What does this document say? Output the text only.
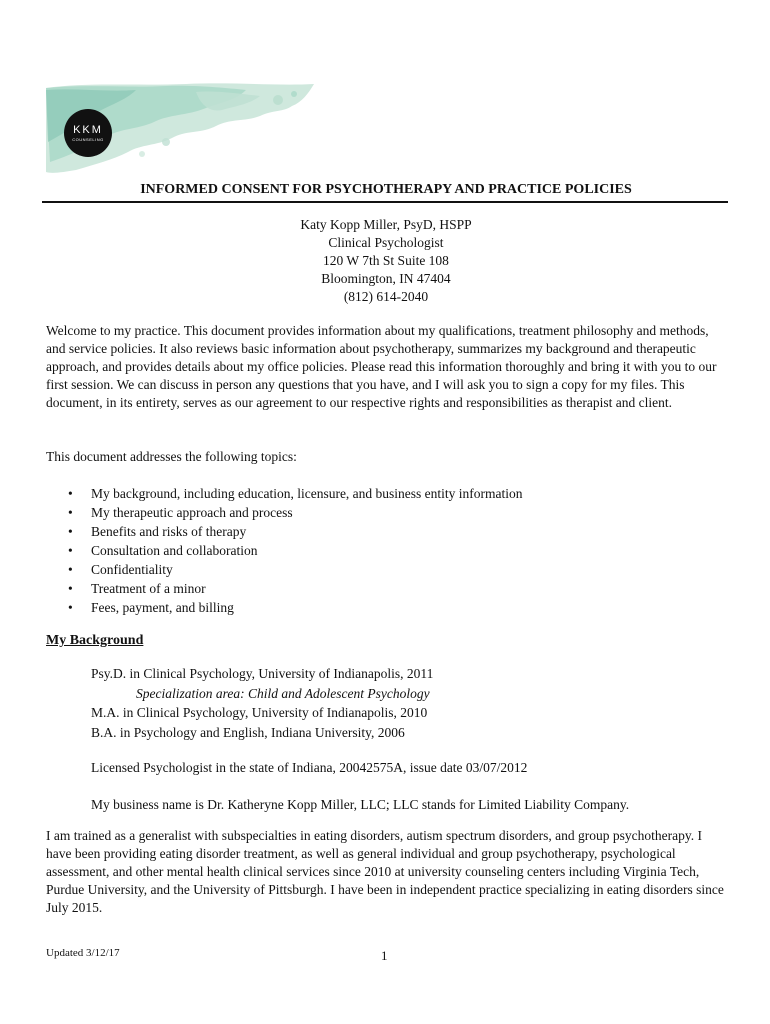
KKM
COUNSELING
INFORMED CONSENT FOR PSYCHOTHERAPY AND PRACTICE POLICIES
Katy Kopp Miller, PsyD, HSPP
Clinical Psychologist
120 W 7th St Suite 108
Bloomington, IN 47404
(812) 614-2040
Welcome to my practice. This document provides information about my qualifications, treatment philosophy and methods, and service policies. It also reviews basic information about psychotherapy, summarizes my background and therapeutic approach, and provides details about my office policies. Please read this information thoroughly and bring it with you to our first session. We can discuss in person any questions that you have, and I will ask you to sign a copy for my files. This document, in its entirety, serves as our agreement to our respective rights and responsibilities as therapist and client.
This document addresses the following topics:
• My background, including education, licensure, and business entity information
• My therapeutic approach and process
• Benefits and risks of therapy
• Consultation and collaboration
• Confidentiality
• Treatment of a minor
• Fees, payment, and billing
My Background
Psy.D. in Clinical Psychology, University of Indianapolis, 2011
Specialization area: Child and Adolescent Psychology
M.A. in Clinical Psychology, University of Indianapolis, 2010
B.A. in Psychology and English, Indiana University, 2006
Licensed Psychologist in the state of Indiana, 20042575A, issue date 03/07/2012
My business name is Dr. Katheryne Kopp Miller, LLC; LLC stands for Limited Liability Company.
I am trained as a generalist with subspecialties in eating disorders, autism spectrum disorders, and group psychotherapy. I have been providing eating disorder treatment, as well as general individual and group psychotherapy, psychological assessment, and other mental health clinical services since 2010 at university counseling centers including Virginia Tech, Purdue University, and the University of Pittsburgh. I have been in independent practice specializing in eating disorders since July 2015.
Updated 3/12/17	1
